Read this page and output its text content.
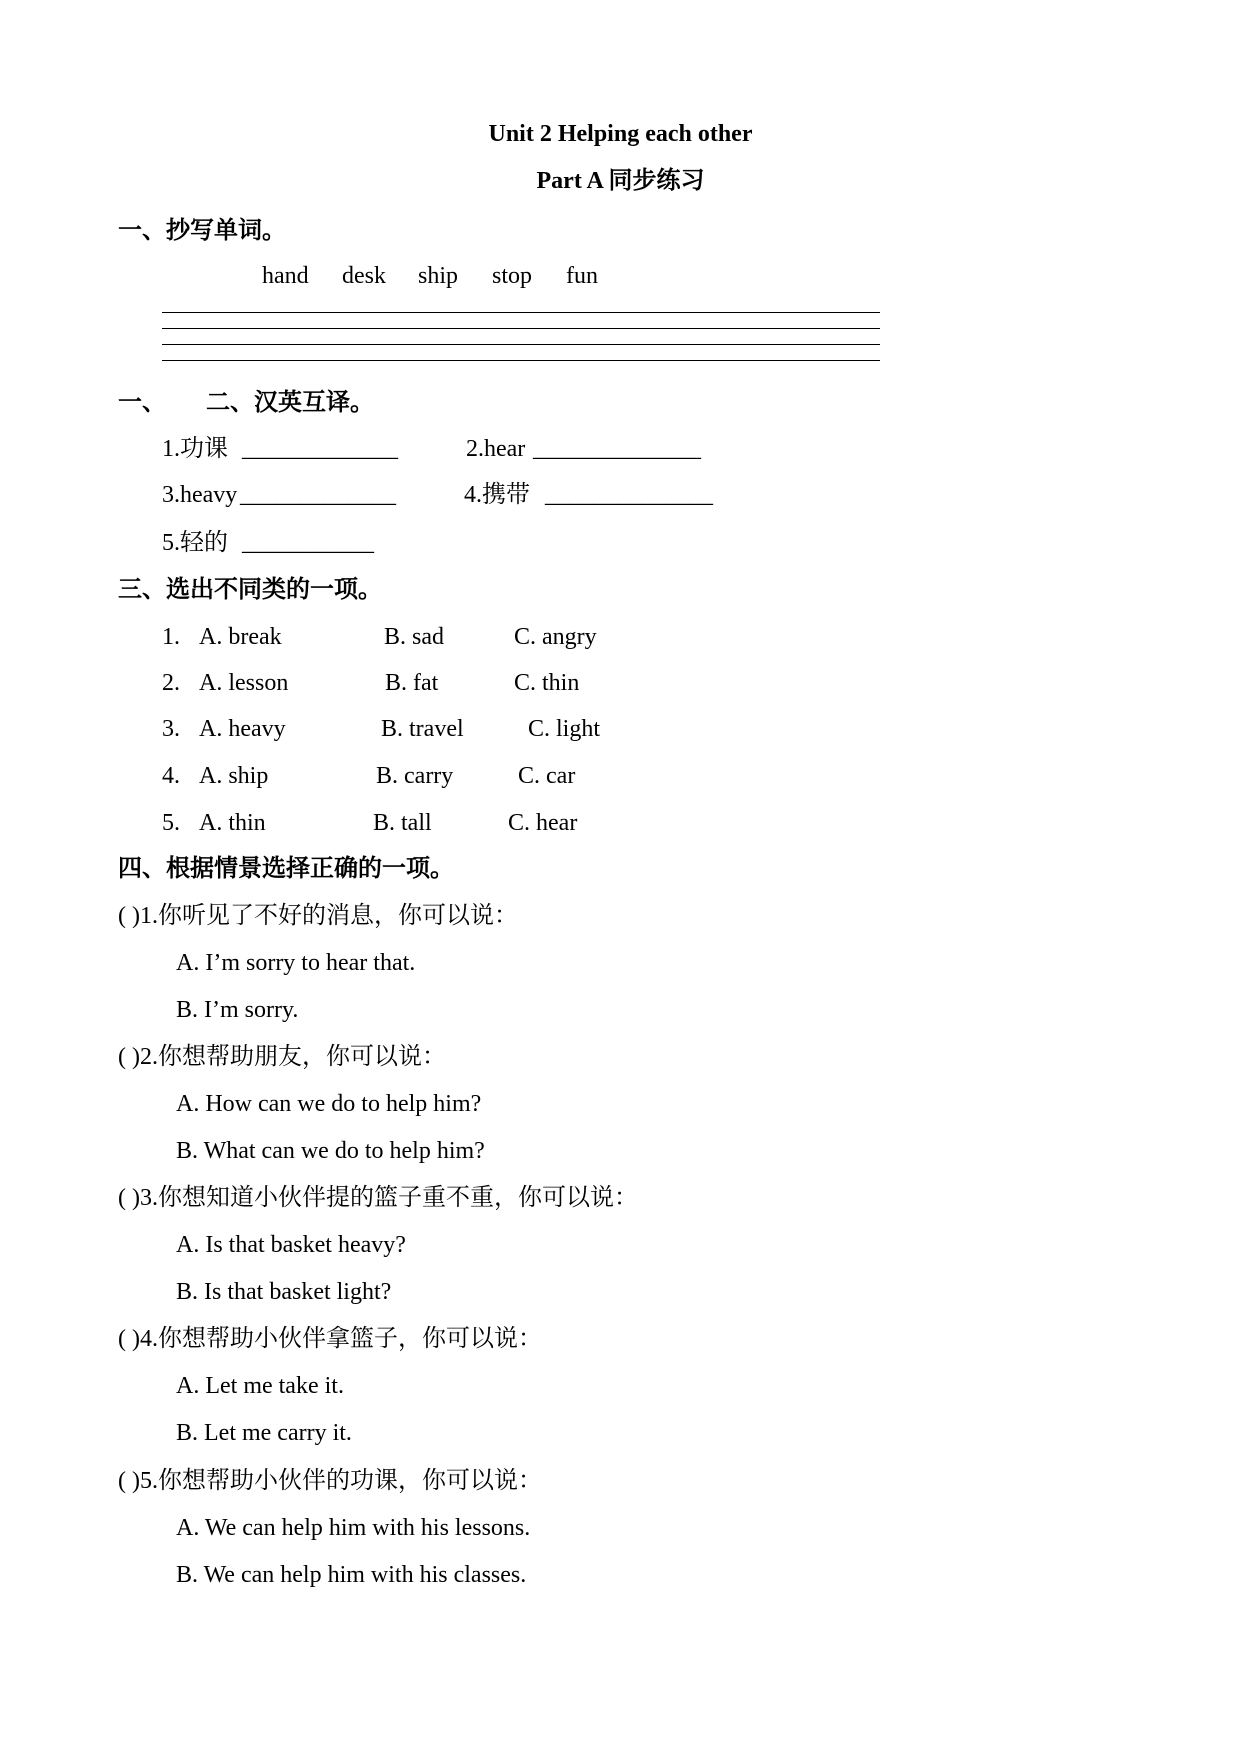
Unit 2 Helping each other
Part A 同步练习
一、抄写单词。
hand desk ship stop fun
一、 二、汉英互译。
1.功课 _____________	2.hear ______________
3.heavy _____________	4.携带 ______________
5.轻的 ___________
三、选出不同类的一项。
1. A. break	B. sad	C. angry
2. A. lesson	B. fat	C. thin
3. A. heavy	B. travel	C. light
4. A. ship	B. carry	C. car
5. A. thin	B. tall	C. hear
四、根据情景选择正确的一项。
( )1.你听见了不好的消息，你可以说：
A. I’m sorry to hear that.
B. I’m sorry.
( )2.你想帮助朋友，你可以说：
A. How can we do to help him?
B. What can we do to help him?
( )3.你想知道小伙伴提的篮子重不重，你可以说：
A. Is that basket heavy?
B. Is that basket light?
( )4.你想帮助小伙伴拿篮子，你可以说：
A. Let me take it.
B. Let me carry it.
( )5.你想帮助小伙伴的功课，你可以说：
A. We can help him with his lessons.
B. We can help him with his classes.
